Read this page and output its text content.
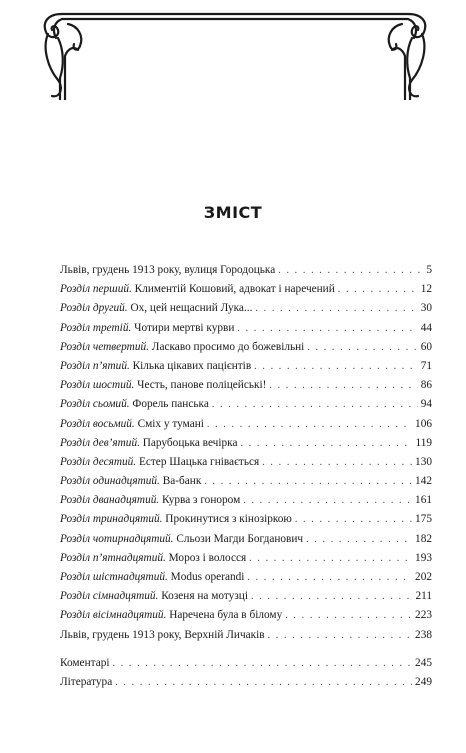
ЗМІСТ
Львів, грудень 1913 року, вулиця Городоцька . . .	5
Розділ перший. Климентій Кошовий, адвокат і наречений . . .	12
Розділ другий. Ох, цей нещасний Лука... . . .	30
Розділ третій. Чотири мертві курви . . .	44
Розділ четвертий. Ласкаво просимо до божевільні . . .	60
Розділ п’ятий. Кілька цікавих пацієнтів . . .	71
Розділ шостий. Честь, панове поліцейські! . . .	86
Розділ сьомий. Форель панська . . .	94
Розділ восьмий. Сміх у тумані . . .	106
Розділ дев’ятий. Парубоцька вечірка . . .	119
Розділ десятий. Естер Шацька гнівається . . .	130
Розділ одинадцятий. Ва-банк . . .	142
Розділ дванадцятий. Курва з гонором . . .	161
Розділ тринадцятий. Прокинутися з кінозіркою . . .	175
Розділ чотирнадцятий. Сльози Магди Богданович . . .	182
Розділ п’ятнадцятий. Мороз і волосся . . .	193
Розділ шістнадцятий. Modus operandi . . .	202
Розділ сімнадцятий. Козеня на мотузці . . .	211
Розділ вісімнадцятий. Наречена була в білому . . .	223
Львів, грудень 1913 року, Верхній Личаків . . .	238
Коментарі . . .	245
Література . . .	249
